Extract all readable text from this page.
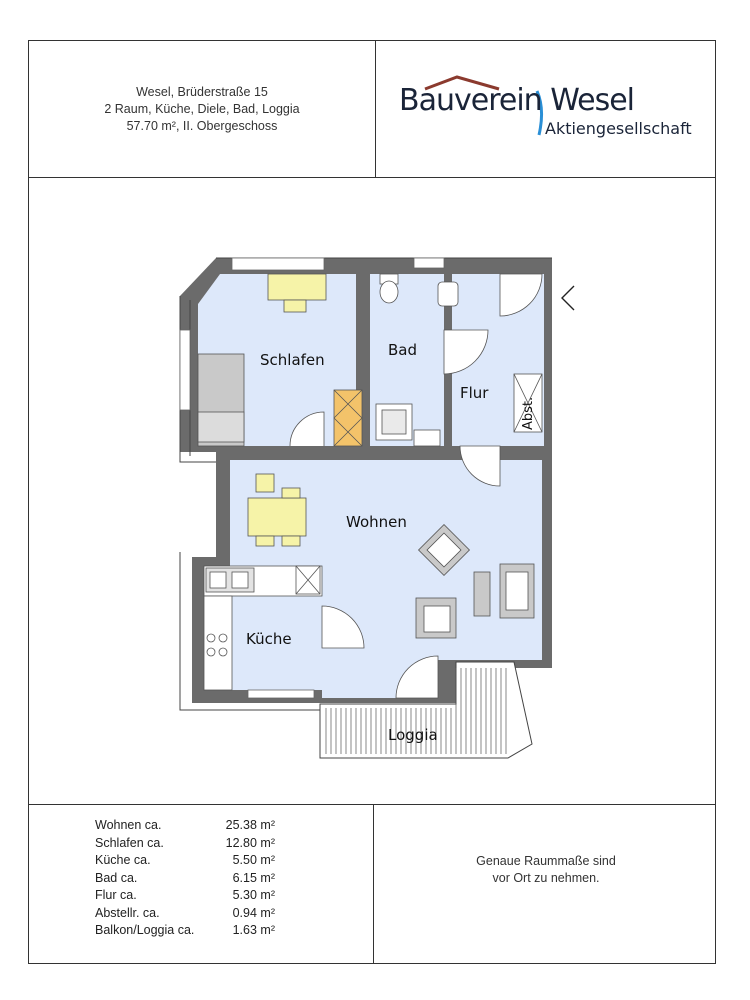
Wesel, Brüderstraße 15
2 Raum, Küche, Diele, Bad, Loggia
57.70 m², II. Obergeschoss
Bauverein Wesel
Aktiengesellschaft
Wohnen ca.	25.38 m²
Schlafen ca.	12.80 m²
Küche ca.	5.50 m²
Bad ca.	6.15 m²
Flur ca.	5.30 m²
Abstellr. ca.	0.94 m²
Balkon/Loggia ca.	1.63 m²
Genaue Raummaße sind
vor Ort zu nehmen.
Schlafen
Bad
Flur
Abst.
Wohnen
Küche
Loggia
